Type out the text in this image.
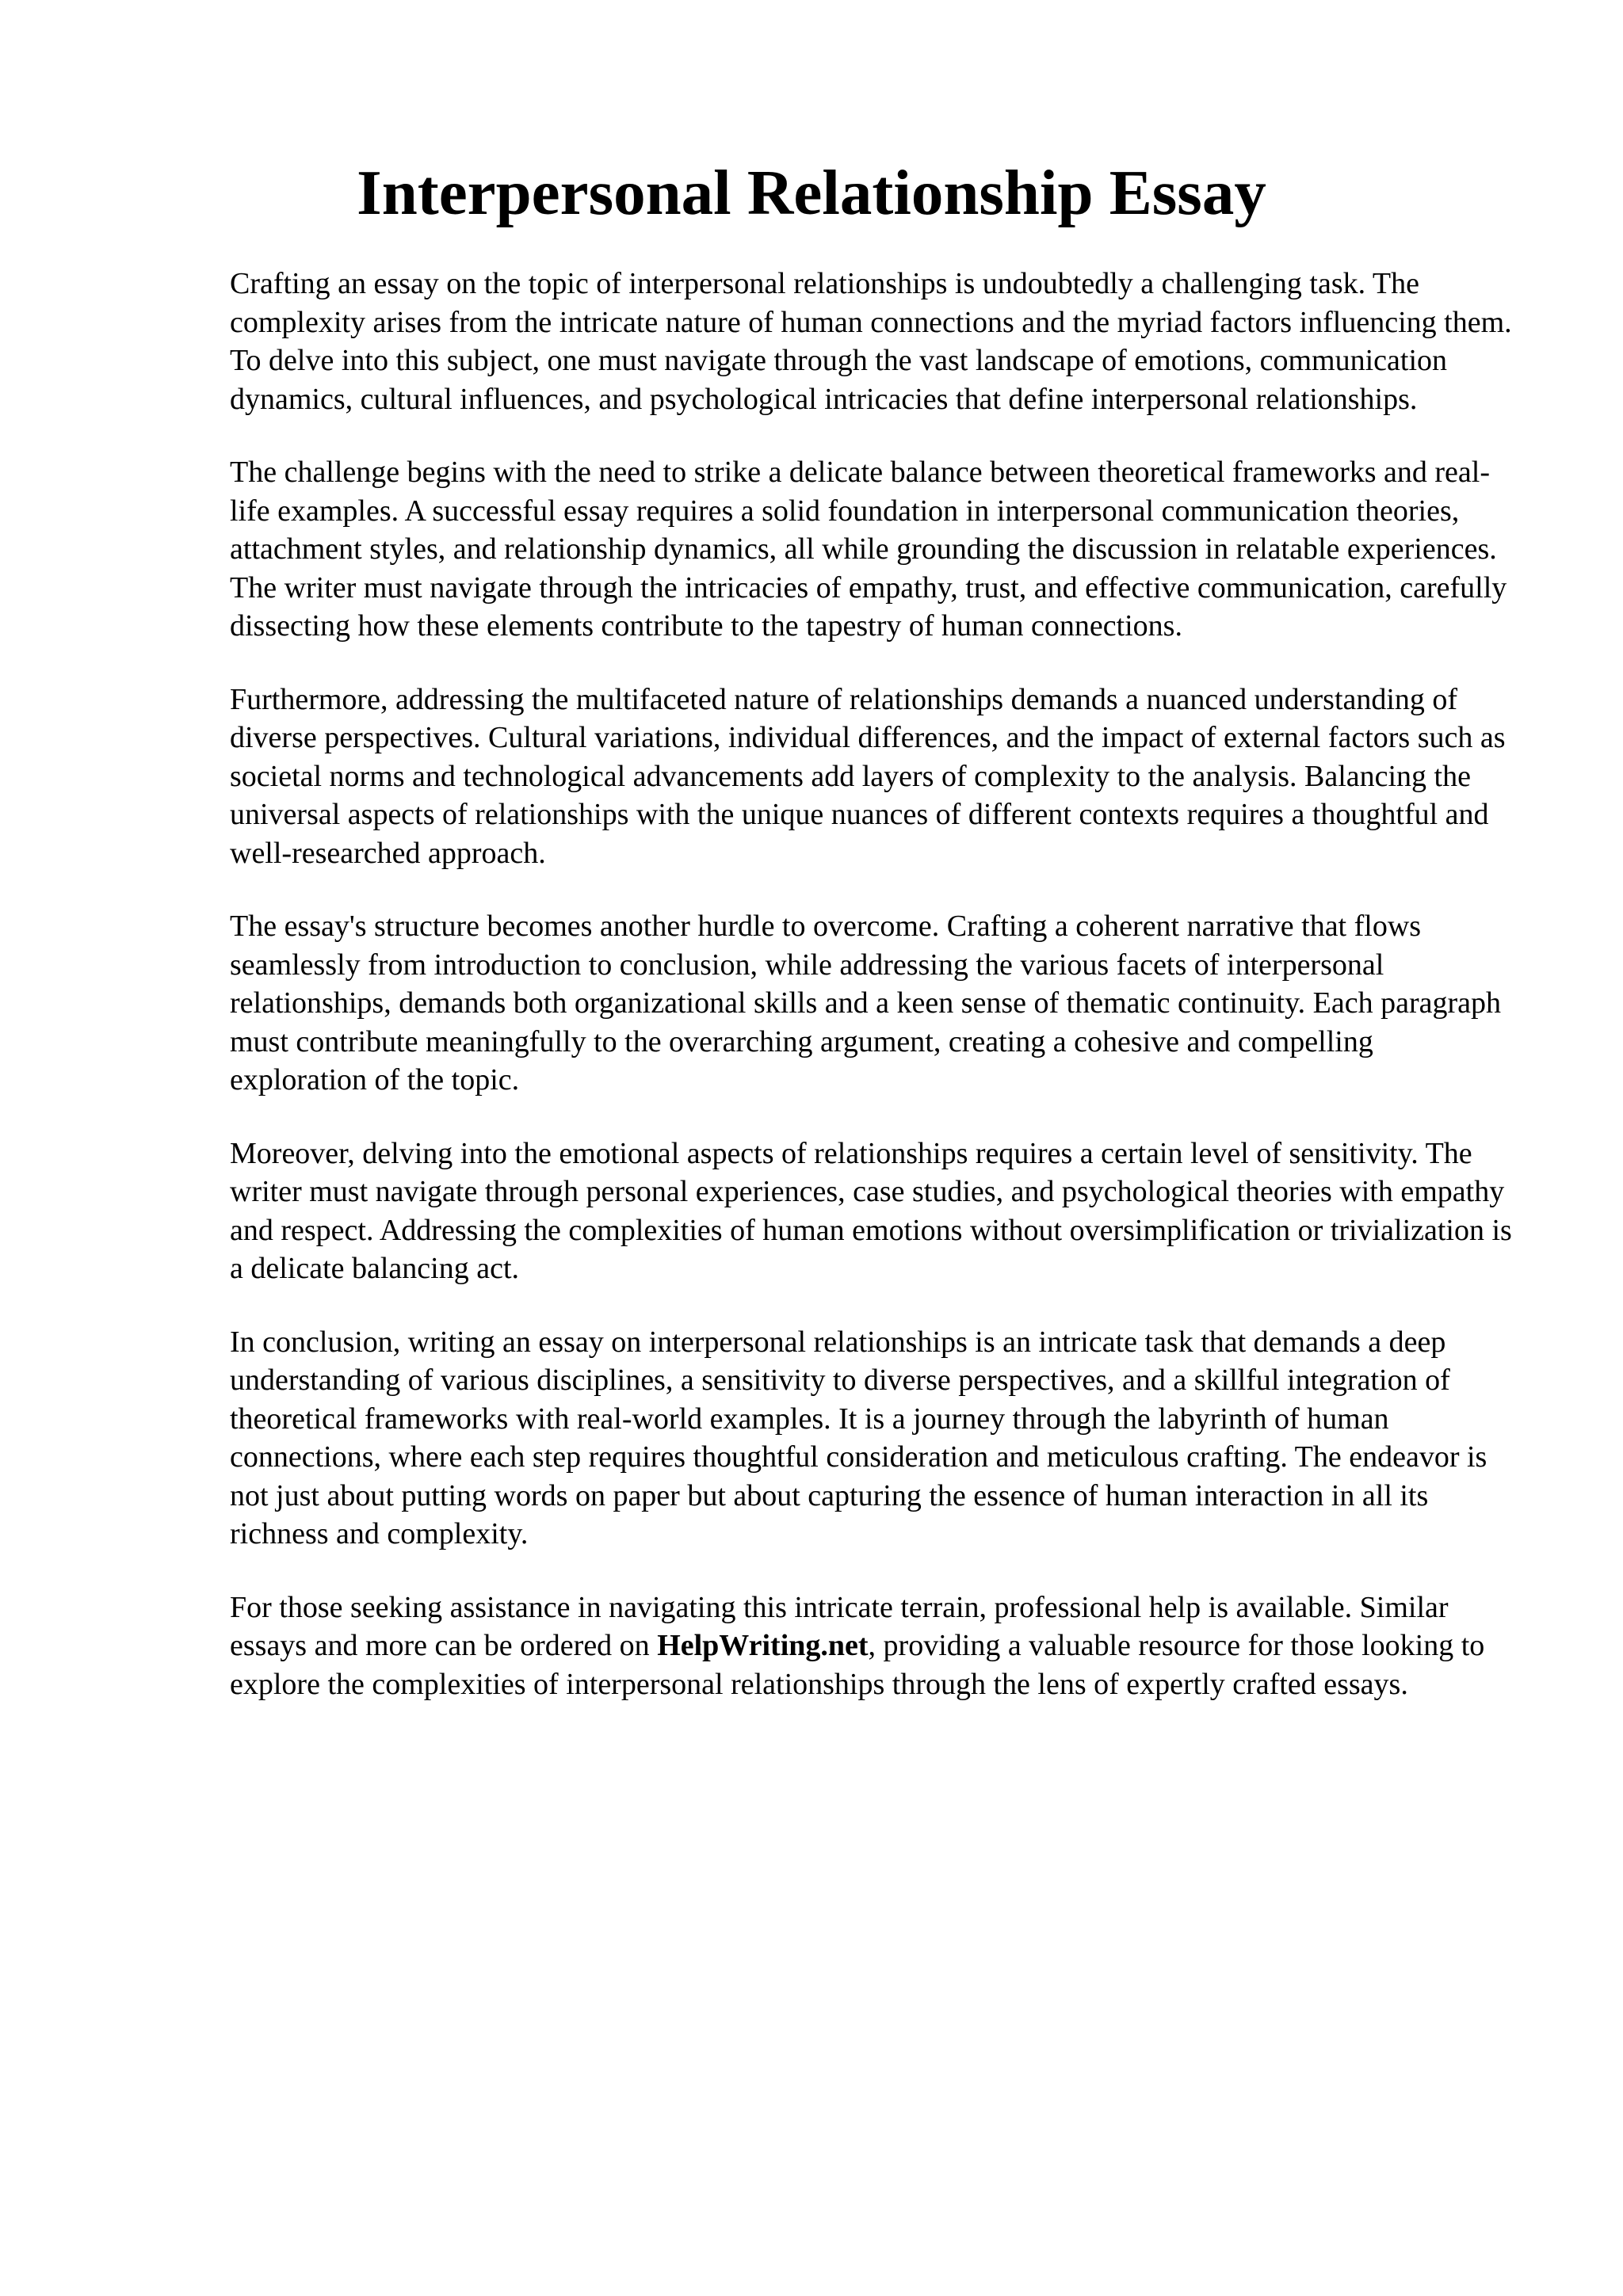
Interpersonal Relationship Essay

Crafting an essay on the topic of interpersonal relationships is undoubtedly a challenging task. The complexity arises from the intricate nature of human connections and the myriad factors influencing them. To delve into this subject, one must navigate through the vast landscape of emotions, communication dynamics, cultural influences, and psychological intricacies that define interpersonal relationships.

The challenge begins with the need to strike a delicate balance between theoretical frameworks and real-life examples. A successful essay requires a solid foundation in interpersonal communication theories, attachment styles, and relationship dynamics, all while grounding the discussion in relatable experiences. The writer must navigate through the intricacies of empathy, trust, and effective communication, carefully dissecting how these elements contribute to the tapestry of human connections.

Furthermore, addressing the multifaceted nature of relationships demands a nuanced understanding of diverse perspectives. Cultural variations, individual differences, and the impact of external factors such as societal norms and technological advancements add layers of complexity to the analysis. Balancing the universal aspects of relationships with the unique nuances of different contexts requires a thoughtful and well-researched approach.

The essay's structure becomes another hurdle to overcome. Crafting a coherent narrative that flows seamlessly from introduction to conclusion, while addressing the various facets of interpersonal relationships, demands both organizational skills and a keen sense of thematic continuity. Each paragraph must contribute meaningfully to the overarching argument, creating a cohesive and compelling exploration of the topic.

Moreover, delving into the emotional aspects of relationships requires a certain level of sensitivity. The writer must navigate through personal experiences, case studies, and psychological theories with empathy and respect. Addressing the complexities of human emotions without oversimplification or trivialization is a delicate balancing act.

In conclusion, writing an essay on interpersonal relationships is an intricate task that demands a deep understanding of various disciplines, a sensitivity to diverse perspectives, and a skillful integration of theoretical frameworks with real-world examples. It is a journey through the labyrinth of human connections, where each step requires thoughtful consideration and meticulous crafting. The endeavor is not just about putting words on paper but about capturing the essence of human interaction in all its richness and complexity.

For those seeking assistance in navigating this intricate terrain, professional help is available. Similar essays and more can be ordered on HelpWriting.net, providing a valuable resource for those looking to explore the complexities of interpersonal relationships through the lens of expertly crafted essays.
